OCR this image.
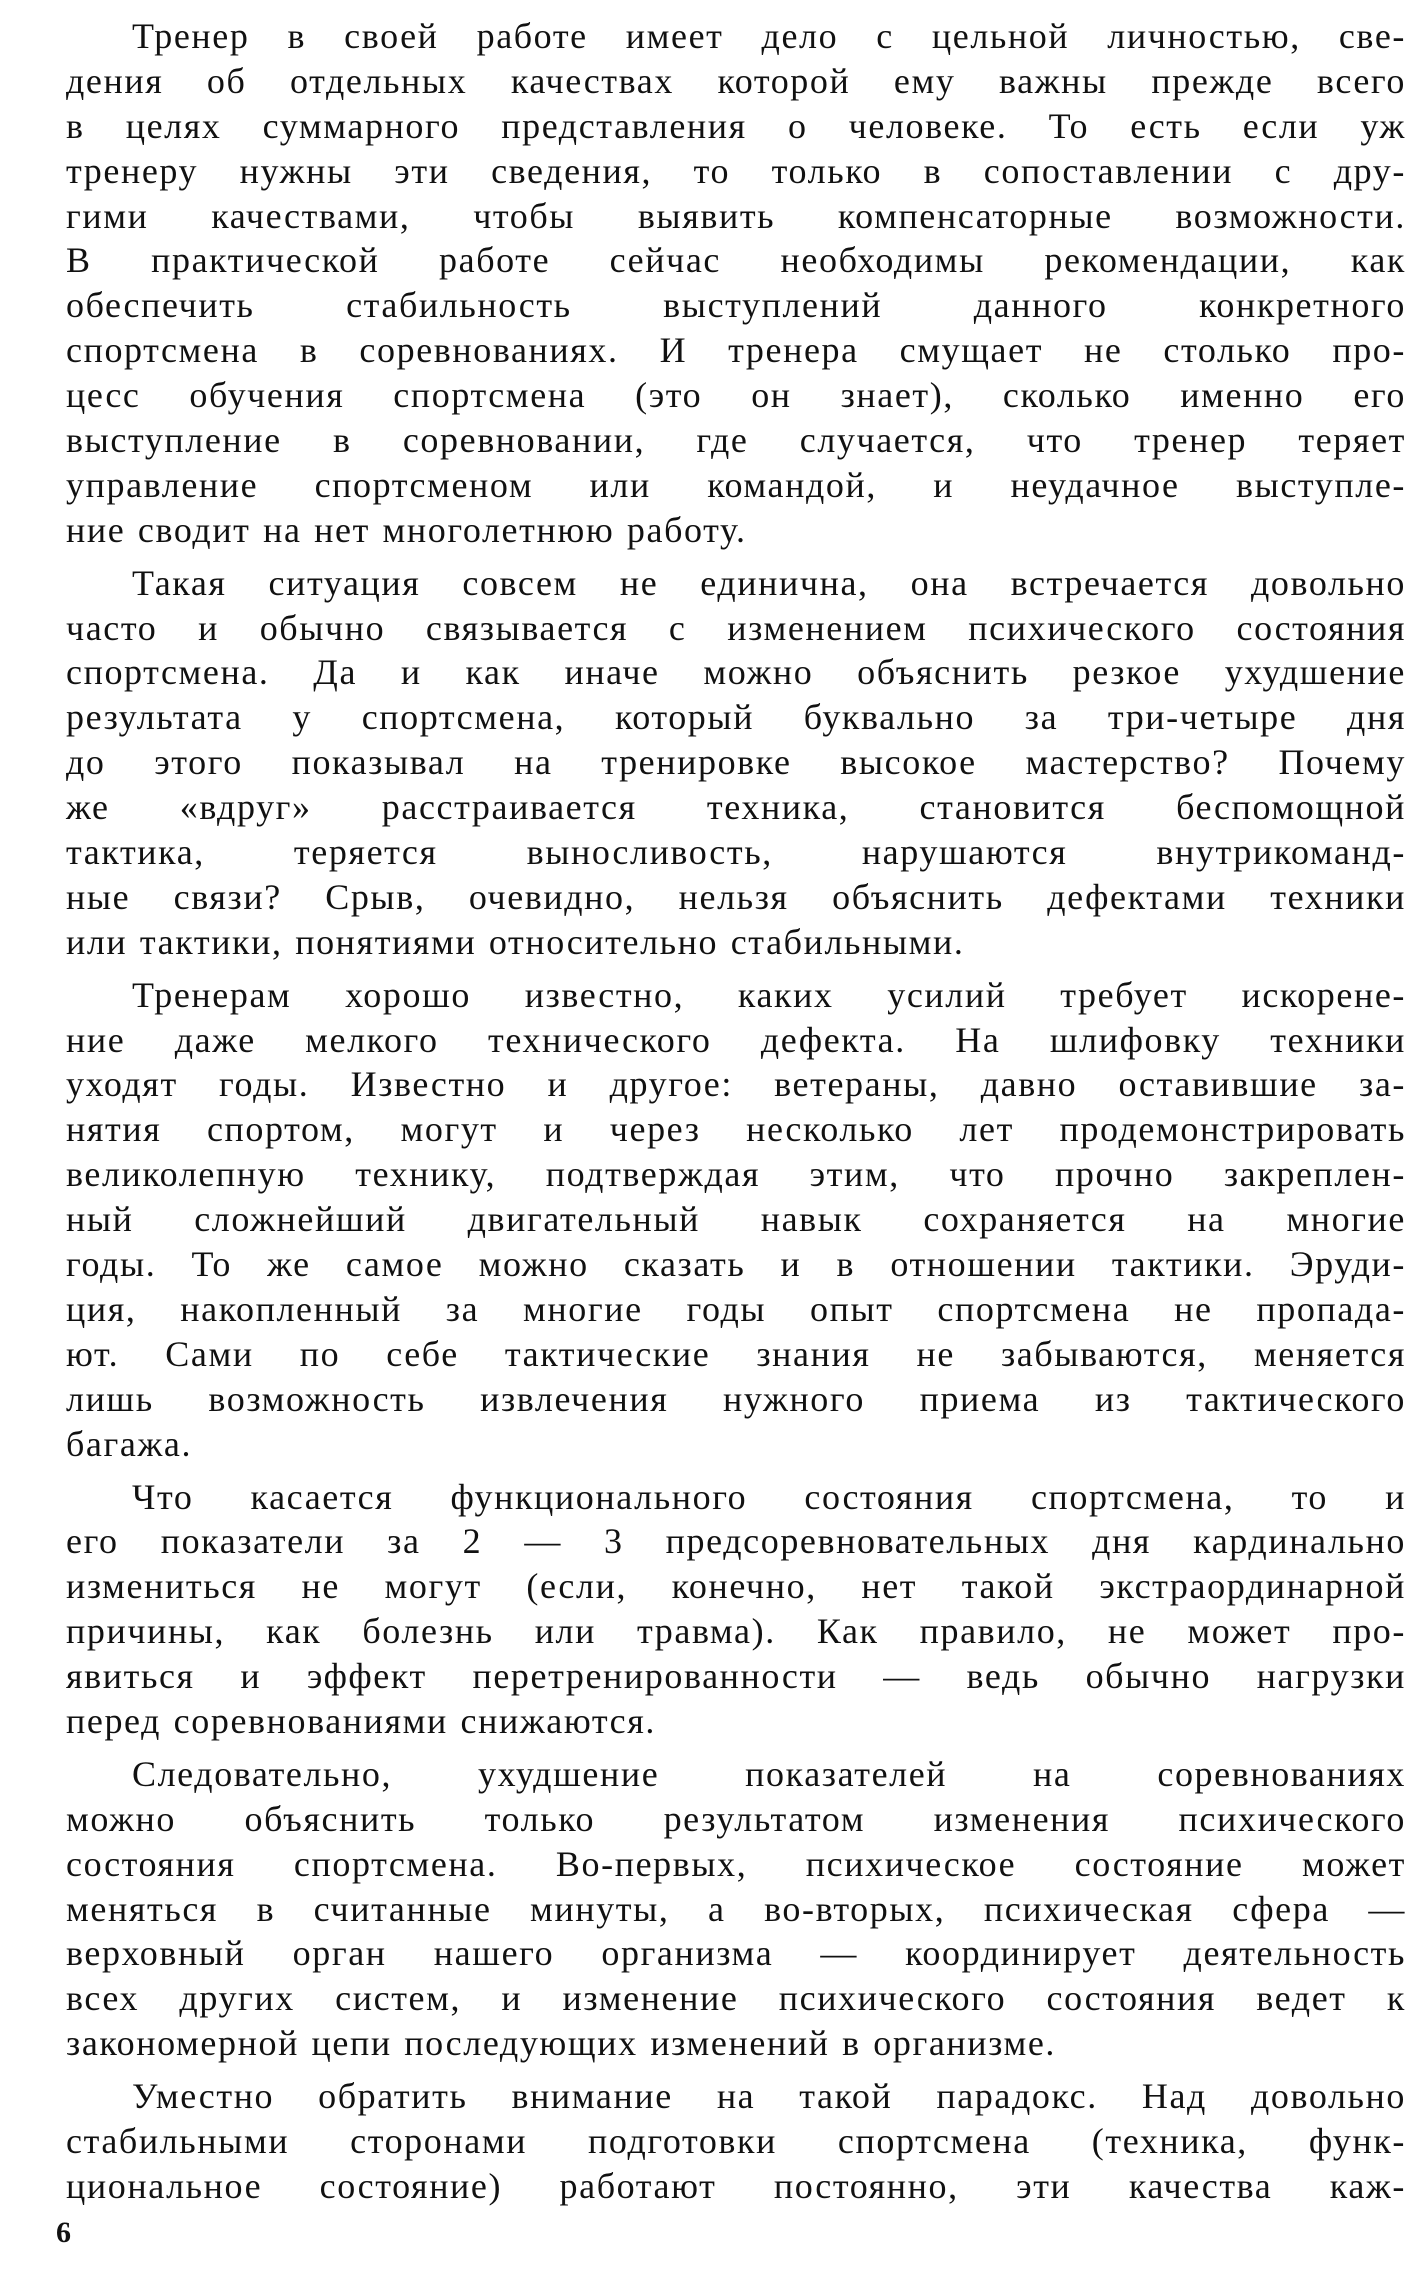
Тренер в своей работе имеет дело с цельной личностью, све-
дения об отдельных качествах которой ему важны прежде всего
в целях суммарного представления о человеке. То есть если уж
тренеру нужны эти сведения, то только в сопоставлении с дру-
гими качествами, чтобы выявить компенсаторные возможности.
В практической работе сейчас необходимы рекомендации, как
обеспечить стабильность выступлений данного конкретного
спортсмена в соревнованиях. И тренера смущает не столько про-
цесс обучения спортсмена (это он знает), сколько именно его
выступление в соревновании, где случается, что тренер теряет
управление спортсменом или командой, и неудачное выступле-
ние сводит на нет многолетнюю работу.
Такая ситуация совсем не единична, она встречается довольно
часто и обычно связывается с изменением психического состояния
спортсмена. Да и как иначе можно объяснить резкое ухудшение
результата у спортсмена, который буквально за три-четыре дня
до этого показывал на тренировке высокое мастерство? Почему
же «вдруг» расстраивается техника, становится беспомощной
тактика, теряется выносливость, нарушаются внутрикоманд-
ные связи? Срыв, очевидно, нельзя объяснить дефектами техники
или тактики, понятиями относительно стабильными.
Тренерам хорошо известно, каких усилий требует искорене-
ние даже мелкого технического дефекта. На шлифовку техники
уходят годы. Известно и другое: ветераны, давно оставившие за-
нятия спортом, могут и через несколько лет продемонстрировать
великолепную технику, подтверждая этим, что прочно закреплен-
ный сложнейший двигательный навык сохраняется на многие
годы. То же самое можно сказать и в отношении тактики. Эруди-
ция, накопленный за многие годы опыт спортсмена не пропада-
ют. Сами по себе тактические знания не забываются, меняется
лишь возможность извлечения нужного приема из тактического
багажа.
Что касается функционального состояния спортсмена, то и
его показатели за 2 — 3 предсоревновательных дня кардинально
измениться не могут (если, конечно, нет такой экстраординарной
причины, как болезнь или травма). Как правило, не может про-
явиться и эффект перетренированности — ведь обычно нагрузки
перед соревнованиями снижаются.
Следовательно, ухудшение показателей на соревнованиях
можно объяснить только результатом изменения психического
состояния спортсмена. Во-первых, психическое состояние может
меняться в считанные минуты, а во-вторых, психическая сфера —
верховный орган нашего организма — координирует деятельность
всех других систем, и изменение психического состояния ведет к
закономерной цепи последующих изменений в организме.
Уместно обратить внимание на такой парадокс. Над довольно
стабильными сторонами подготовки спортсмена (техника, функ-
циональное состояние) работают постоянно, эти качества каж-
6
